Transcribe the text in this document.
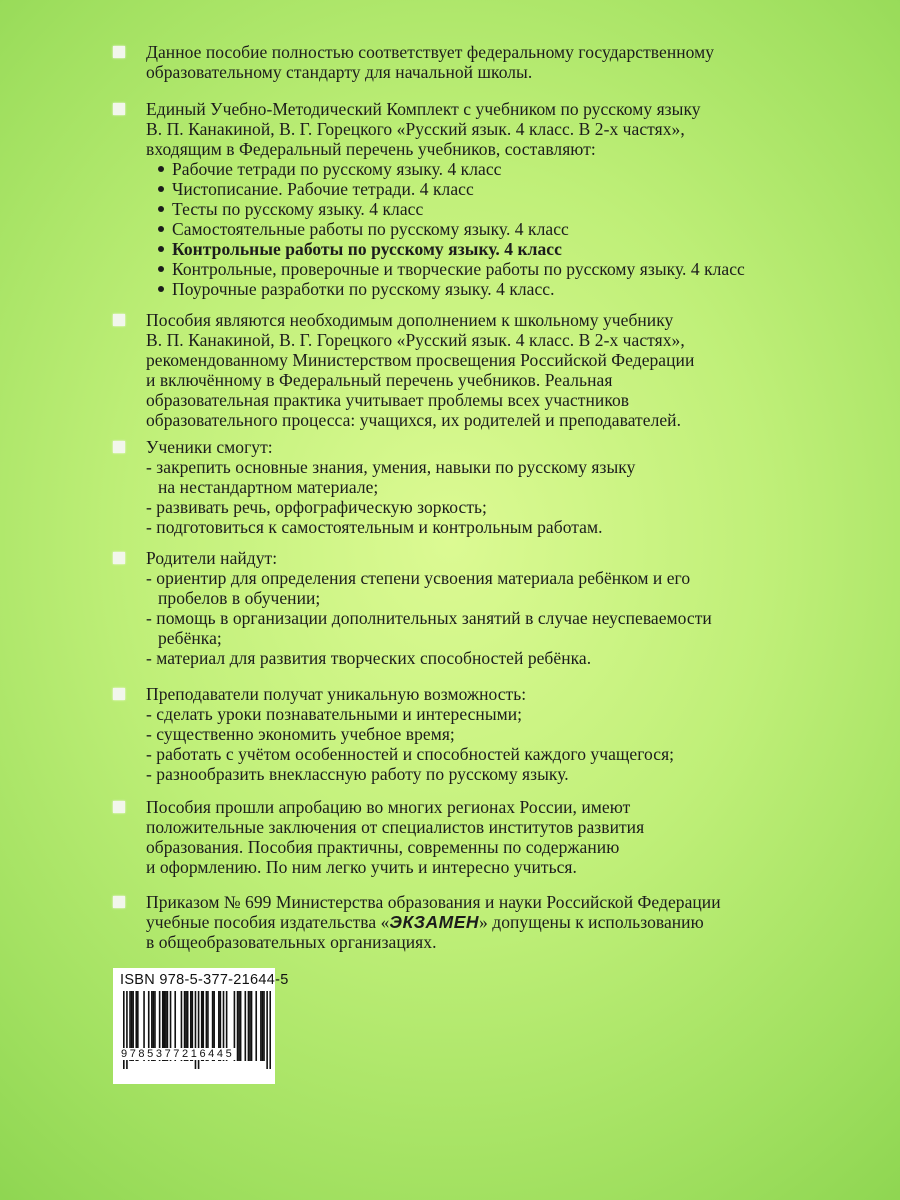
Данное пособие полностью соответствует федеральному государственному
образовательному стандарту для начальной школы.
Единый Учебно-Методический Комплект с учебником по русскому языку
В. П. Канакиной, В. Г. Горецкого «Русский язык. 4 класс. В 2-х частях»,
входящим в Федеральный перечень учебников, составляют:
Рабочие тетради по русскому языку. 4 класс
Чистописание. Рабочие тетради. 4 класс
Тесты по русскому языку. 4 класс
Самостоятельные работы по русскому языку. 4 класс
Контрольные работы по русскому языку. 4 класс
Контрольные, проверочные и творческие работы по русскому языку. 4 класс
Поурочные разработки по русскому языку. 4 класс.
Пособия являются необходимым дополнением к школьному учебнику
В. П. Канакиной, В. Г. Горецкого «Русский язык. 4 класс. В 2-х частях»,
рекомендованному Министерством просвещения Российской Федерации
и включённому в Федеральный перечень учебников. Реальная
образовательная практика учитывает проблемы всех участников
образовательного процесса: учащихся, их родителей и преподавателей.
Ученики смогут:
- закрепить основные знания, умения, навыки по русскому языку
на нестандартном материале;
- развивать речь, орфографическую зоркость;
- подготовиться к самостоятельным и контрольным работам.
Родители найдут:
- ориентир для определения степени усвоения материала ребёнком и его
пробелов в обучении;
- помощь в организации дополнительных занятий в случае неуспеваемости
ребёнка;
- материал для развития творческих способностей ребёнка.
Преподаватели получат уникальную возможность:
- сделать уроки познавательными и интересными;
- существенно экономить учебное время;
- работать с учётом особенностей и способностей каждого учащегося;
- разнообразить внеклассную работу по русскому языку.
Пособия прошли апробацию во многих регионах России, имеют
положительные заключения от специалистов институтов развития
образования. Пособия практичны, современны по содержанию
и оформлению. По ним легко учить и интересно учиться.
Приказом № 699 Министерства образования и науки Российской Федерации
учебные пособия издательства «ЭКЗАМЕН» допущены к использованию
в общеобразовательных организациях.
ISBN 978-5-377-21644-5
9785377216445
